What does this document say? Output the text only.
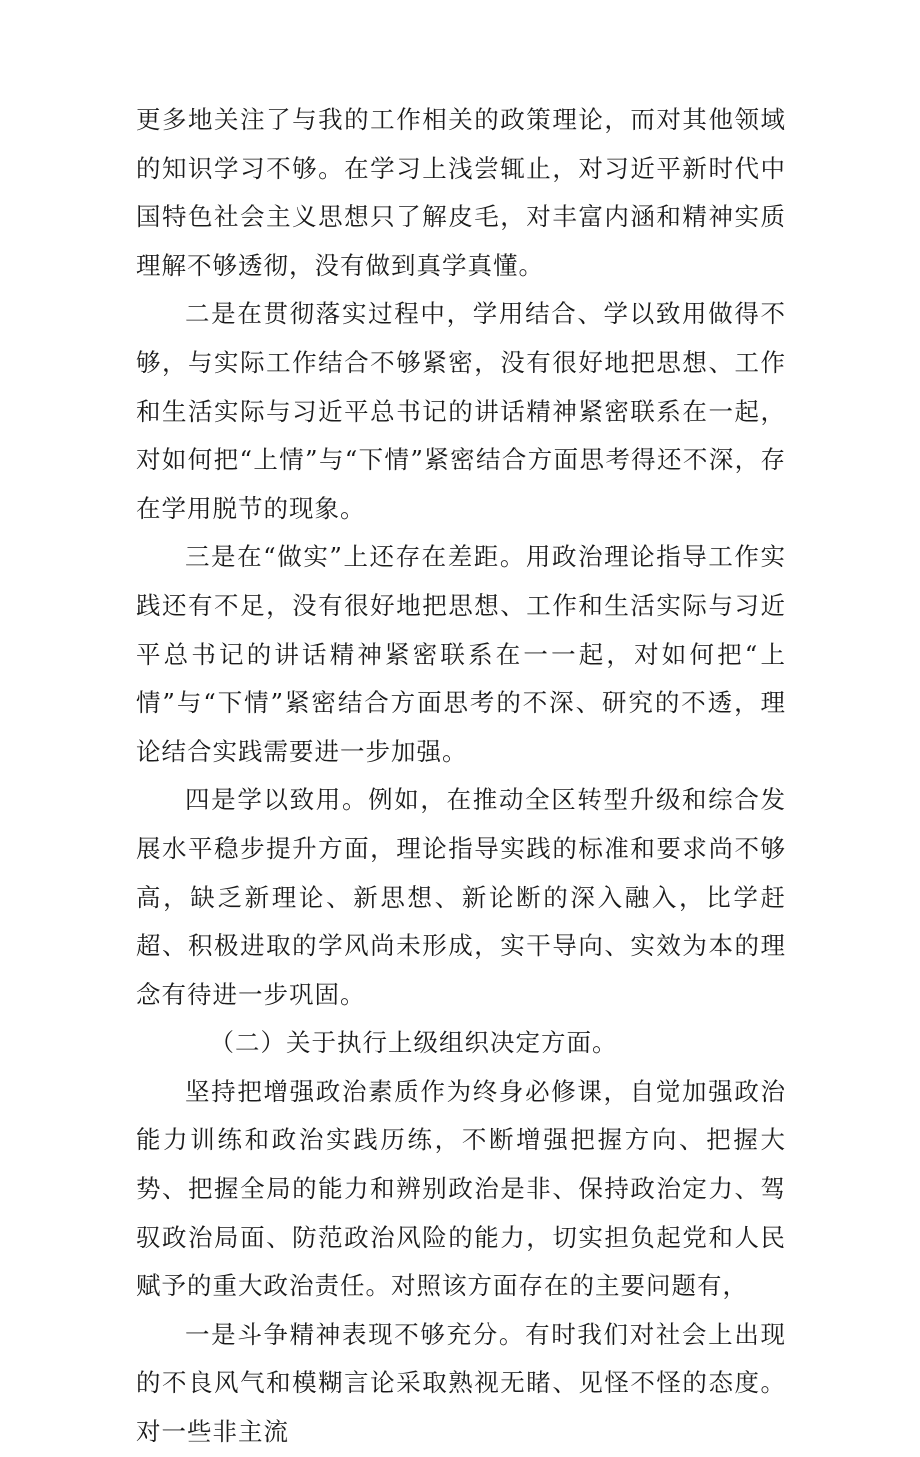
更多地关注了与我的工作相关的政策理论，而对其他领域的知识学习不够。在学习上浅尝辄止，对习近平新时代中国特色社会主义思想只了解皮毛，对丰富内涵和精神实质理解不够透彻，没有做到真学真懂。

二是在贯彻落实过程中，学用结合、学以致用做得不够，与实际工作结合不够紧密，没有很好地把思想、工作和生活实际与习近平总书记的讲话精神紧密联系在一起，对如何把“上情”与“下情”紧密结合方面思考得还不深，存在学用脱节的现象。

三是在“做实”上还存在差距。用政治理论指导工作实践还有不足，没有很好地把思想、工作和生活实际与习近平总书记的讲话精神紧密联系在一一起，对如何把“上情”与“下情”紧密结合方面思考的不深、研究的不透，理论结合实践需要进一步加强。

四是学以致用。例如，在推动全区转型升级和综合发展水平稳步提升方面，理论指导实践的标准和要求尚不够高，缺乏新理论、新思想、新论断的深入融入，比学赶超、积极进取的学风尚未形成，实干导向、实效为本的理念有待进一步巩固。

（二）关于执行上级组织决定方面。

坚持把增强政治素质作为终身必修课，自觉加强政治能力训练和政治实践历练，不断增强把握方向、把握大势、把握全局的能力和辨别政治是非、保持政治定力、驾驭政治局面、防范政治风险的能力，切实担负起党和人民赋予的重大政治责任。对照该方面存在的主要问题有，

一是斗争精神表现不够充分。有时我们对社会上出现的不良风气和模糊言论采取熟视无睹、见怪不怪的态度。对一些非主流
